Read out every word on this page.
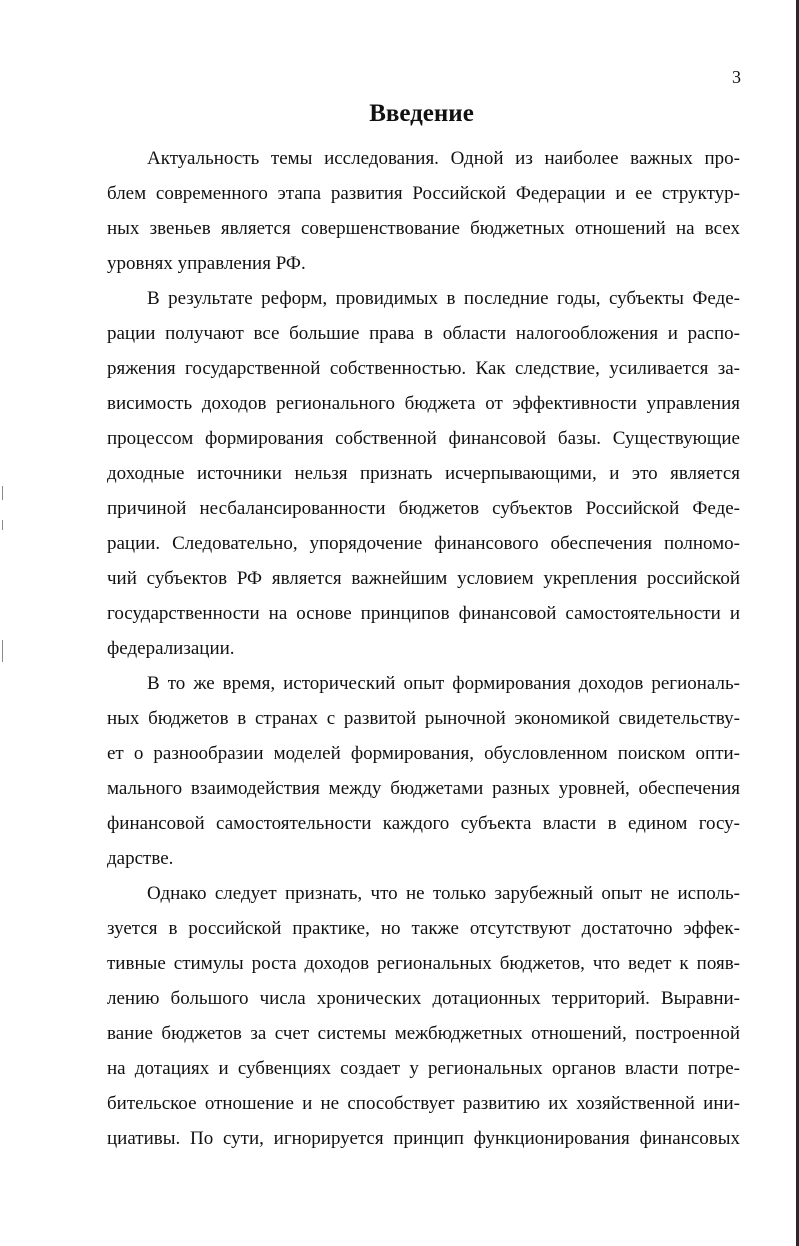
3
Введение
Актуальность темы исследования. Одной из наиболее важных про-
блем современного этапа развития Российской Федерации и ее структур-
ных звеньев является совершенствование бюджетных отношений на всех
уровнях управления РФ.
В результате реформ, провидимых в последние годы, субъекты Феде-
рации получают все большие права в области налогообложения и распо-
ряжения государственной собственностью. Как следствие, усиливается за-
висимость доходов регионального бюджета от эффективности управления
процессом формирования собственной финансовой базы. Существующие
доходные источники нельзя признать исчерпывающими, и это является
причиной несбалансированности бюджетов субъектов Российской Феде-
рации. Следовательно, упорядочение финансового обеспечения полномо-
чий субъектов РФ является важнейшим условием укрепления российской
государственности на основе принципов финансовой самостоятельности и
федерализации.
В то же время, исторический опыт формирования доходов региональ-
ных бюджетов в странах с развитой рыночной экономикой свидетельству-
ет о разнообразии моделей формирования, обусловленном поиском опти-
мального взаимодействия между бюджетами разных уровней, обеспечения
финансовой самостоятельности каждого субъекта власти в едином госу-
дарстве.
Однако следует признать, что не только зарубежный опыт не исполь-
зуется в российской практике, но также отсутствуют достаточно эффек-
тивные стимулы роста доходов региональных бюджетов, что ведет к появ-
лению большого числа хронических дотационных территорий. Выравни-
вание бюджетов за счет системы межбюджетных отношений, построенной
на дотациях и субвенциях создает у региональных органов власти потре-
бительское отношение и не способствует развитию их хозяйственной ини-
циативы. По сути, игнорируется принцип функционирования финансовых
